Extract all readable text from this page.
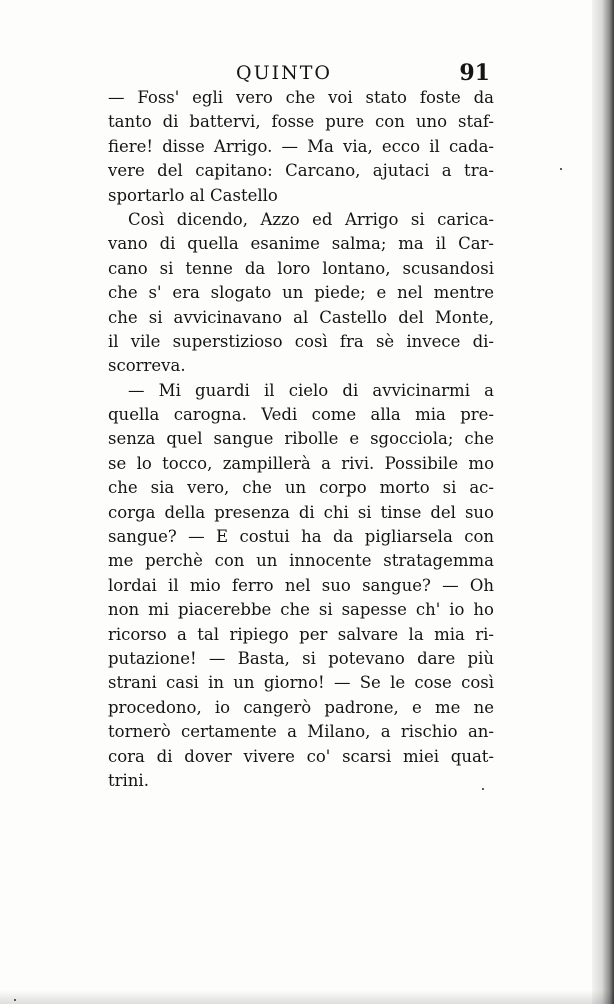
QUINTO	91
— Foss' egli vero che voi stato foste da
tanto di battervi, fosse pure con uno staf-
fiere! disse Arrigo. — Ma via, ecco il cada-
vere del capitano: Carcano, ajutaci a tra-
sportarlo al Castello
Così dicendo, Azzo ed Arrigo si carica-
vano di quella esanime salma; ma il Car-
cano si tenne da loro lontano, scusandosi
che s' era slogato un piede; e nel mentre
che si avvicinavano al Castello del Monte,
il vile superstizioso così fra sè invece di-
scorreva.
— Mi guardi il cielo di avvicinarmi a
quella carogna. Vedi come alla mia pre-
senza quel sangue ribolle e sgocciola; che
se lo tocco, zampillerà a rivi. Possibile mo
che sia vero, che un corpo morto si ac-
corga della presenza di chi si tinse del suo
sangue? — E costui ha da pigliarsela con
me perchè con un innocente stratagemma
lordai il mio ferro nel suo sangue? — Oh
non mi piacerebbe che si sapesse ch' io ho
ricorso a tal ripiego per salvare la mia ri-
putazione! — Basta, si potevano dare più
strani casi in un giorno! — Se le cose così
procedono, io cangerò padrone, e me ne
tornerò certamente a Milano, a rischio an-
cora di dover vivere co' scarsi miei quat-
trini.
